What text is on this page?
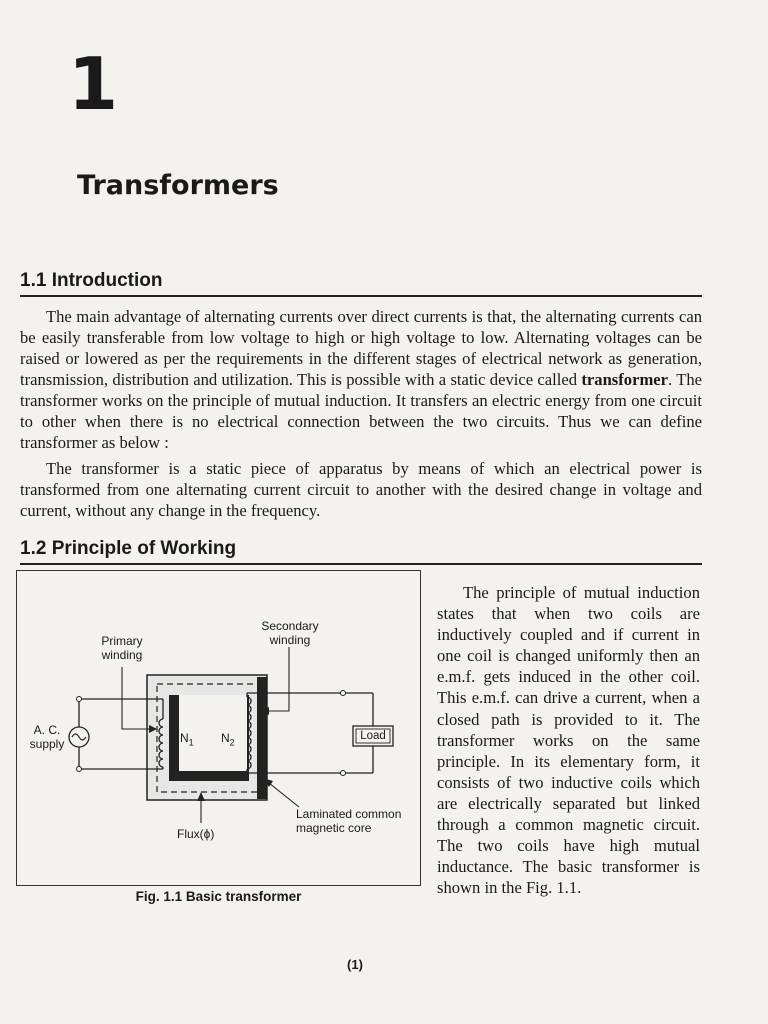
1
Transformers
1.1 Introduction

The main advantage of alternating currents over direct currents is that, the alternating currents can be easily transferable from low voltage to high or high voltage to low. Alternating voltages can be raised or lowered as per the requirements in the different stages of electrical network as generation, transmission, distribution and utilization. This is possible with a static device called transformer. The transformer works on the principle of mutual induction. It transfers an electric energy from one circuit to other when there is no electrical connection between the two circuits. Thus we can define transformer as below :

The transformer is a static piece of apparatus by means of which an electrical power is transformed from one alternating current circuit to another with the desired change in voltage and current, without any change in the frequency.

1.2 Principle of Working
Secondary
winding
Primary
winding
A. C.
supply	$N_1$ $N_2$
Load
Laminated common
magnetic core
Flux(ϕ)

Fig. 1.1 Basic transformer

The principle of mutual induction states that when two coils are inductively coupled and if current in one coil is changed uniformly then an e.m.f. gets induced in the other coil. This e.m.f. can drive a current, when a closed path is provided to it. The transformer works on the same principle. In its elementary form, it consists of two inductive coils which are electrically separated but linked through a common magnetic circuit. The two coils have high mutual inductance. The basic transformer is shown in the Fig. 1.1.

(1)
